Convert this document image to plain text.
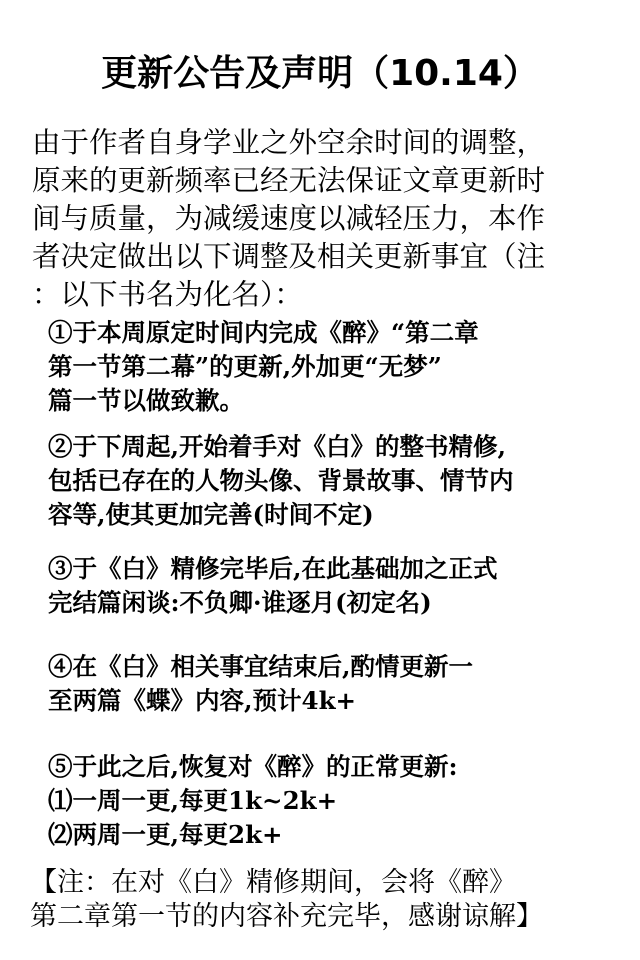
更新公告及声明（10.14）
由于作者自身学业之外空余时间的调整，
原来的更新频率已经无法保证文章更新时
间与质量，为减缓速度以减轻压力，本作
者决定做出以下调整及相关更新事宜（注
：以下书名为化名）：
①于本周原定时间内完成《醉》“第二章
第一节第二幕”的更新,外加更“无梦”
篇一节以做致歉。
②于下周起,开始着手对《白》的整书精修,
包括已存在的人物头像、背景故事、情节内
容等,使其更加完善(时间不定)
③于《白》精修完毕后,在此基础加之正式
完结篇闲谈:不负卿·谁逐月(初定名)
④在《白》相关事宜结束后,酌情更新一
至两篇《蝶》内容,预计4k+
⑤于此之后,恢复对《醉》的正常更新:
⑴一周一更,每更1k~2k+
⑵两周一更,每更2k+
【注：在对《白》精修期间，会将《醉》
第二章第一节的内容补充完毕，感谢谅解】
